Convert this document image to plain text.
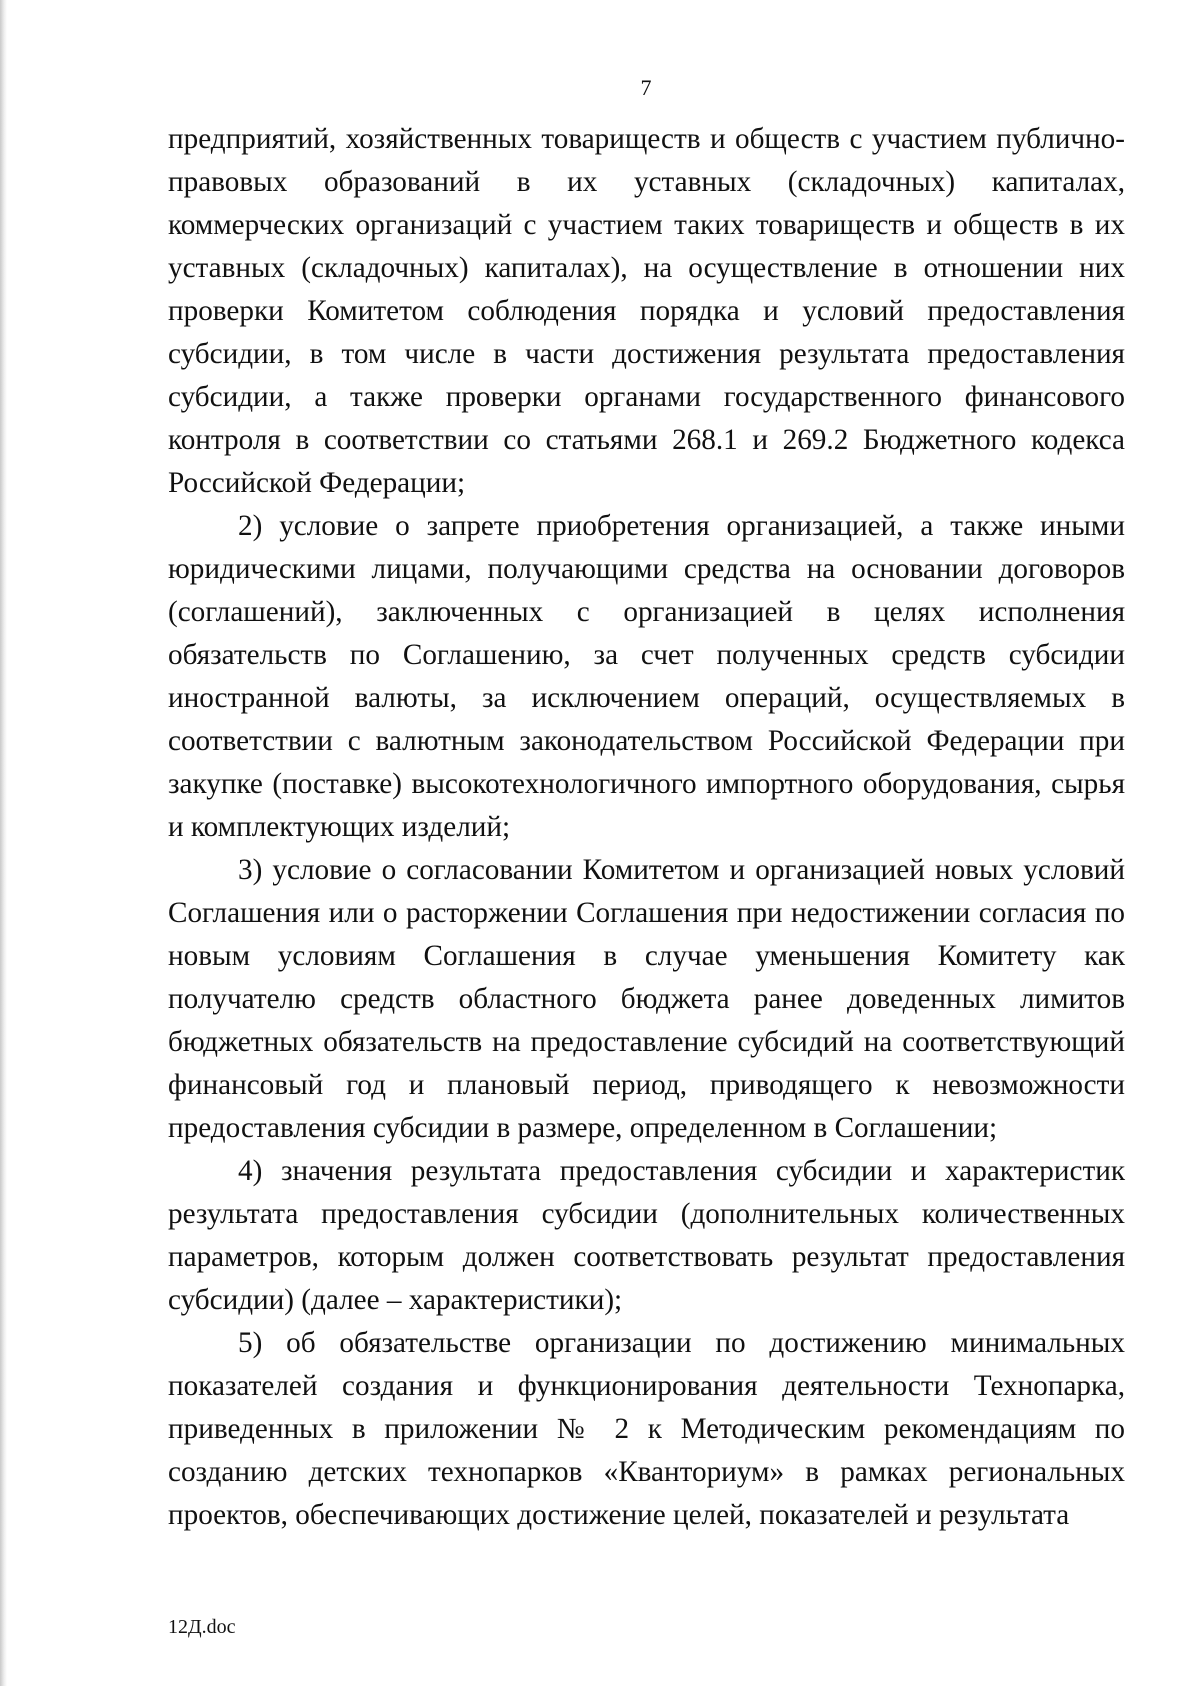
7

предприятий, хозяйственных товариществ и обществ с участием публично-правовых образований в их уставных (складочных) капиталах, коммерческих организаций с участием таких товариществ и обществ в их уставных (складочных) капиталах), на осуществление в отношении них проверки Комитетом соблюдения порядка и условий предоставления субсидии, в том числе в части достижения результата предоставления субсидии, а также проверки органами государственного финансового контроля в соответствии со статьями 268.1 и 269.2 Бюджетного кодекса Российской Федерации;

2) условие о запрете приобретения организацией, а также иными юридическими лицами, получающими средства на основании договоров (соглашений), заключенных с организацией в целях исполнения обязательств по Соглашению, за счет полученных средств субсидии иностранной валюты, за исключением операций, осуществляемых в соответствии с валютным законодательством Российской Федерации при закупке (поставке) высокотехнологичного импортного оборудования, сырья и комплектующих изделий;

3) условие о согласовании Комитетом и организацией новых условий Соглашения или о расторжении Соглашения при недостижении согласия по новым условиям Соглашения в случае уменьшения Комитету как получателю средств областного бюджета ранее доведенных лимитов бюджетных обязательств на предоставление субсидий на соответствующий финансовый год и плановый период, приводящего к невозможности предоставления субсидии в размере, определенном в Соглашении;

4) значения результата предоставления субсидии и характеристик результата предоставления субсидии (дополнительных количественных параметров, которым должен соответствовать результат предоставления субсидии) (далее – характеристики);

5) об обязательстве организации по достижению минимальных показателей создания и функционирования деятельности Технопарка, приведенных в приложении № 2 к Методическим рекомендациям по созданию детских технопарков «Кванториум» в рамках региональных проектов, обеспечивающих достижение целей, показателей и результата

12Д.doc
